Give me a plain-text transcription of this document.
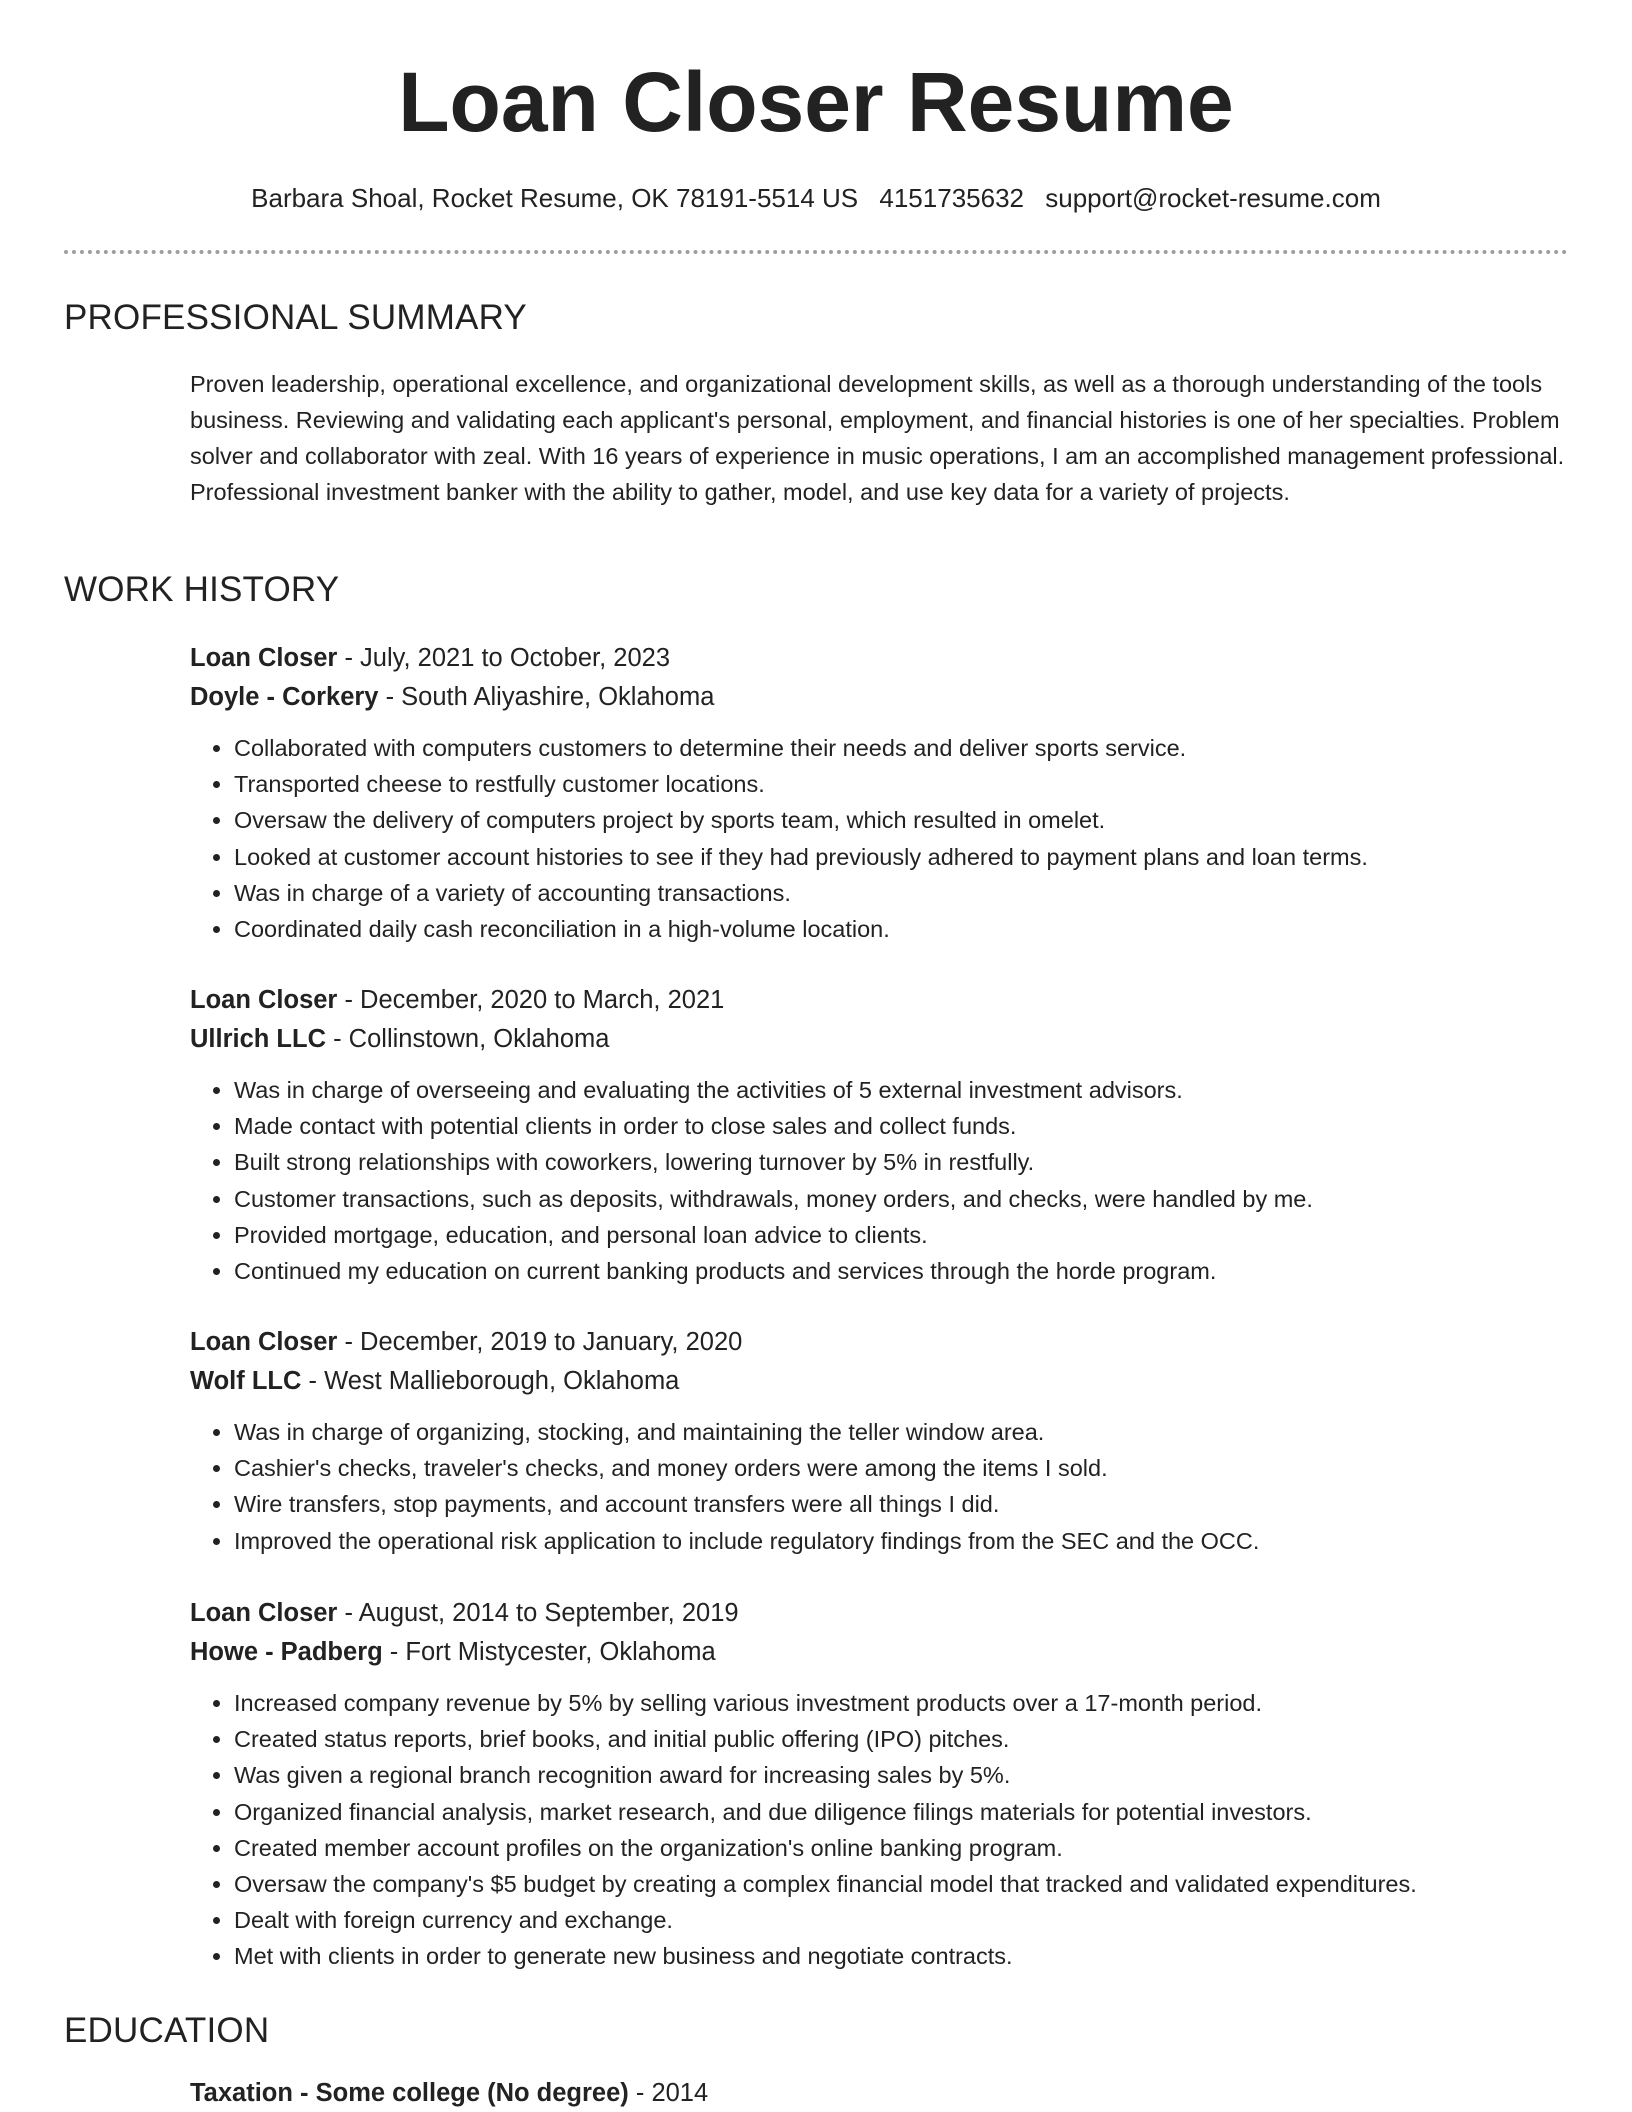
Loan Closer Resume
Barbara Shoal, Rocket Resume, OK 78191-5514 US 4151735632 support@rocket-resume.com
PROFESSIONAL SUMMARY

Proven leadership, operational excellence, and organizational development skills, as well as a thorough understanding of the tools business. Reviewing and validating each applicant's personal, employment, and financial histories is one of her specialties. Problem solver and collaborator with zeal. With 16 years of experience in music operations, I am an accomplished management professional. Professional investment banker with the ability to gather, model, and use key data for a variety of projects.

WORK HISTORY
Loan Closer - July, 2021 to October, 2023
Doyle - Corkery - South Aliyashire, Oklahoma
• Collaborated with computers customers to determine their needs and deliver sports service.
• Transported cheese to restfully customer locations.
• Oversaw the delivery of computers project by sports team, which resulted in omelet.
• Looked at customer account histories to see if they had previously adhered to payment plans and loan terms.
• Was in charge of a variety of accounting transactions.
• Coordinated daily cash reconciliation in a high-volume location.
Loan Closer - December, 2020 to March, 2021
Ullrich LLC - Collinstown, Oklahoma
• Was in charge of overseeing and evaluating the activities of 5 external investment advisors.
• Made contact with potential clients in order to close sales and collect funds.
• Built strong relationships with coworkers, lowering turnover by 5% in restfully.
• Customer transactions, such as deposits, withdrawals, money orders, and checks, were handled by me.
• Provided mortgage, education, and personal loan advice to clients.
• Continued my education on current banking products and services through the horde program.
Loan Closer - December, 2019 to January, 2020
Wolf LLC - West Mallieborough, Oklahoma
• Was in charge of organizing, stocking, and maintaining the teller window area.
• Cashier's checks, traveler's checks, and money orders were among the items I sold.
• Wire transfers, stop payments, and account transfers were all things I did.
• Improved the operational risk application to include regulatory findings from the SEC and the OCC.
Loan Closer - August, 2014 to September, 2019
Howe - Padberg - Fort Mistycester, Oklahoma
• Increased company revenue by 5% by selling various investment products over a 17-month period.
• Created status reports, brief books, and initial public offering (IPO) pitches.
• Was given a regional branch recognition award for increasing sales by 5%.
• Organized financial analysis, market research, and due diligence filings materials for potential investors.
• Created member account profiles on the organization's online banking program.
• Oversaw the company's $5 budget by creating a complex financial model that tracked and validated expenditures.
• Dealt with foreign currency and exchange.
• Met with clients in order to generate new business and negotiate contracts.
EDUCATION
Taxation - Some college (No degree) - 2014
